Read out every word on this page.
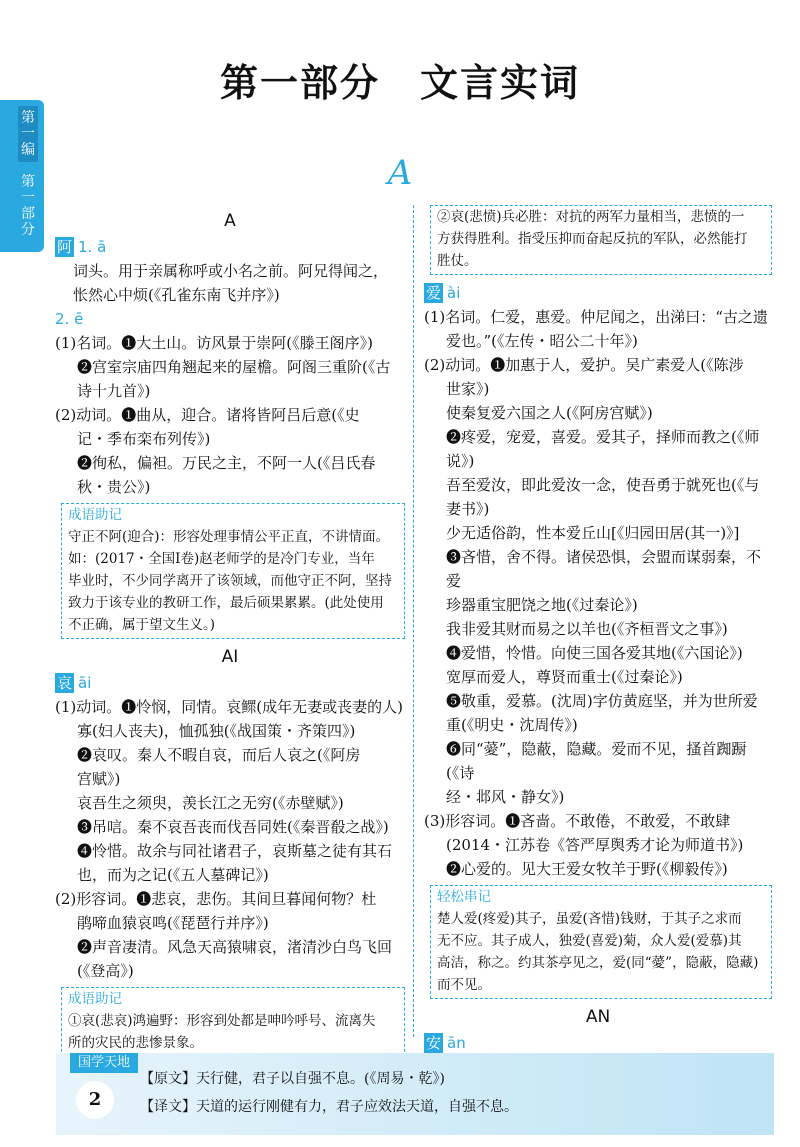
第一编
第一部分
第一部分　文言实词
A
A
阿 1. ā

词头。用于亲属称呼或小名之前。阿兄得闻之，

怅然心中烦(《孔雀东南飞并序》)

2. ē

(1)名词。❶大土山。访风景于崇阿(《滕王阁序》)

❷宫室宗庙四角翘起来的屋檐。阿阁三重阶(《古

诗十九首》)

(2)动词。❶曲从，迎合。诸将皆阿吕后意(《史

记・季布栾布列传》)

❷徇私，偏袒。万民之主，不阿一人(《吕氏春

秋・贵公》)

成语助记

守正不阿(迎合)：形容处理事情公平正直，不讲情面。

如：(2017・全国Ⅰ卷)赵老师学的是冷门专业，当年

毕业时，不少同学离开了该领域，而他守正不阿，坚持

致力于该专业的教研工作，最后硕果累累。(此处使用

不正确，属于望文生义。)

AI
哀 āi

(1)动词。❶怜悯，同情。哀鳏(成年无妻或丧妻的人)

寡(妇人丧夫)，恤孤独(《战国策・齐策四》)

❷哀叹。秦人不暇自哀，而后人哀之(《阿房

宫赋》)

哀吾生之须臾，羡长江之无穷(《赤壁赋》)

❸吊唁。秦不哀吾丧而伐吾同姓(《秦晋殽之战》)

❹怜惜。故余与同社诸君子，哀斯墓之徒有其石

也，而为之记(《五人墓碑记》)

(2)形容词。❶悲哀，悲伤。其间旦暮闻何物？杜

鹃啼血猿哀鸣(《琵琶行并序》)

❷声音凄清。风急天高猿啸哀，渚清沙白鸟飞回

(《登高》)

成语助记

①哀(悲哀)鸿遍野：形容到处都是呻吟呼号、流离失

所的灾民的悲惨景象。

②哀(悲愤)兵必胜：对抗的两军力量相当，悲愤的一

方获得胜利。指受压抑而奋起反抗的军队，必然能打

胜仗。

爱 ài

(1)名词。仁爱，惠爱。仲尼闻之，出涕曰：“古之遗

爱也。”(《左传・昭公二十年》)

(2)动词。❶加惠于人，爱护。吴广素爱人(《陈涉

世家》)

使秦复爱六国之人(《阿房宫赋》)

❷疼爱，宠爱，喜爱。爱其子，择师而教之(《师说》)

吾至爱汝，即此爱汝一念，使吾勇于就死也(《与

妻书》)

少无适俗韵，性本爱丘山[《归园田居(其一)》]

❸吝惜，舍不得。诸侯恐惧，会盟而谋弱秦，不爱

珍器重宝肥饶之地(《过秦论》)

我非爱其财而易之以羊也(《齐桓晋文之事》)

❹爱惜，怜惜。向使三国各爱其地(《六国论》)

宽厚而爱人，尊贤而重士(《过秦论》)

❺敬重，爱慕。(沈周)字仿黄庭坚，并为世所爱

重(《明史・沈周传》)

❻同“薆”，隐蔽，隐藏。爱而不见，搔首踟蹰(《诗

经・邶风・静女》)

(3)形容词。❶吝啬。不敢倦，不敢爱，不敢肆

(2014・江苏卷《答严厚舆秀才论为师道书》)

❷心爱的。见大王爱女牧羊于野(《柳毅传》)

轻松串记

楚人爱(疼爱)其子，虽爱(吝惜)钱财，于其子之求而

无不应。其子成人，独爱(喜爱)菊，众人爱(爱慕)其

高洁，称之。约其茶亭见之，爱(同“薆”，隐蔽，隐藏)

而不见。

AN
安 ān

国学天地
2
【原文】天行健，君子以自强不息。(《周易・乾》)
【译文】天道的运行刚健有力，君子应效法天道，自强不息。
